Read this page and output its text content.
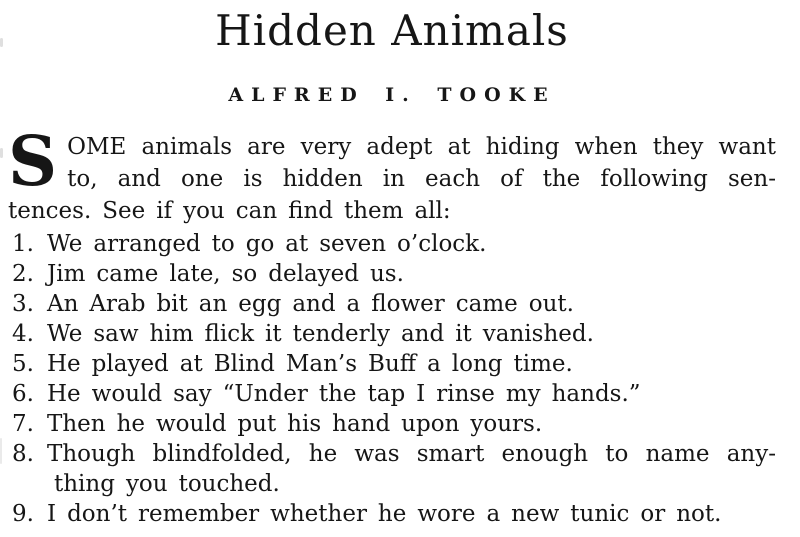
Hidden Animals
ALFRED I. TOOKE
S OME animals are very adept at hiding when they want
to, and one is hidden in each of the following sen-
tences. See if you can find them all:
1. We arranged to go at seven o’clock.
2. Jim came late, so delayed us.
3. An Arab bit an egg and a flower came out.
4. We saw him flick it tenderly and it vanished.
5. He played at Blind Man’s Buff a long time.
6. He would say “Under the tap I rinse my hands.”
7. Then he would put his hand upon yours.
8. Though blindfolded, he was smart enough to name any-
thing you touched.
9. I don’t remember whether he wore a new tunic or not.
